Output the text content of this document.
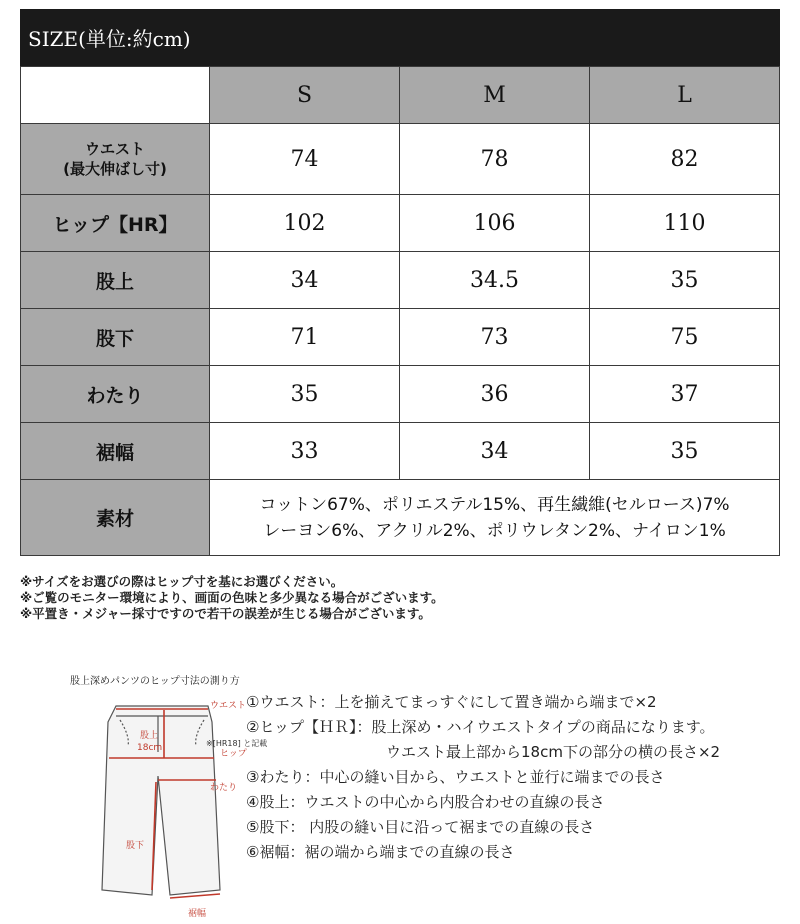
SIZE(単位:約cm)
	S	M	L
ウエスト
(最大伸ばし寸)	74	78	82
ヒップ【HR】	102	106	110
股上	34	34.5	35
股下	71	73	75
わたり	35	36	37
裾幅	33	34	35
素材	コットン67%、ポリエステル15%、再生繊維(セルロース)7%
レーヨン6%、アクリル2%、ポリウレタン2%、ナイロン1%		
※サイズをお選びの際はヒップ寸を基にお選びください。
※ご覧のモニター環境により、画面の色味と多少異なる場合がございます。
※平置き・メジャー採寸ですので若干の誤差が生じる場合がございます。
股上深めパンツのヒップ寸法の測り方
ウエスト
股上
18cm
ヒップ
わたり
股下
裾幅
※[HR18] と記載
①ウエスト：上を揃えてまっすぐにして置き端から端まで×2
②ヒップ【ＨＲ】：股上深め・ハイウエストタイプの商品になります。
ウエスト最上部から18cm下の部分の横の長さ×2
③わたり：中心の縫い目から、ウエストと並行に端までの長さ
④股上：ウエストの中心から内股合わせの直線の長さ
⑤股下： 内股の縫い目に沿って裾までの直線の長さ
⑥裾幅：裾の端から端までの直線の長さ
